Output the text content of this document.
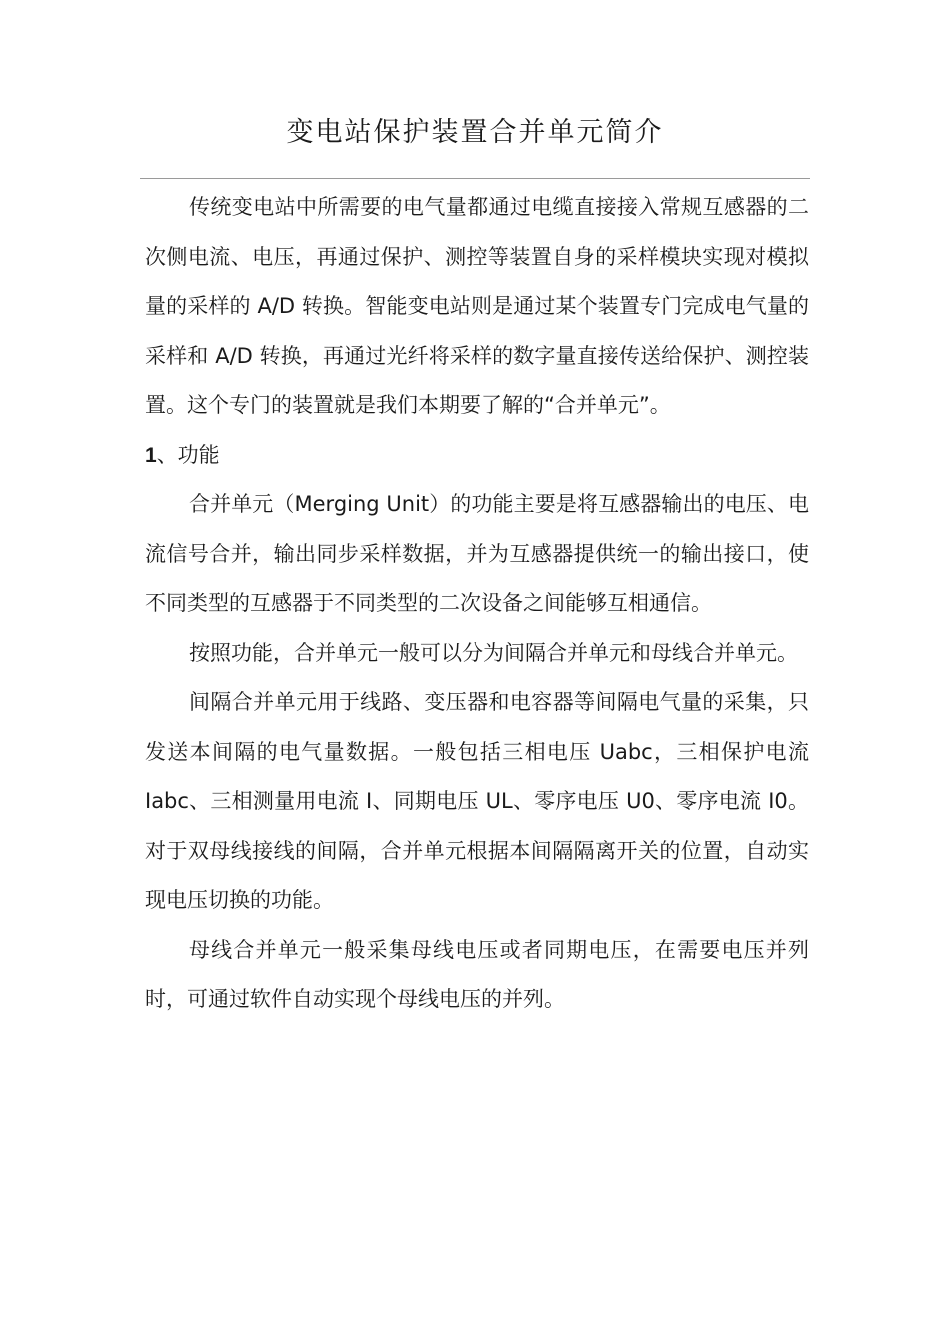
变电站保护装置合并单元简介

传统变电站中所需要的电气量都通过电缆直接接入常规互感器的二次侧电流、电压，再通过保护、测控等装置自身的采样模块实现对模拟量的采样的 A/D 转换。智能变电站则是通过某个装置专门完成电气量的采样和 A/D 转换，再通过光纤将采样的数字量直接传送给保护、测控装置。这个专门的装置就是我们本期要了解的“合并单元”。

1、功能

合并单元（Merging Unit）的功能主要是将互感器输出的电压、电流信号合并，输出同步采样数据，并为互感器提供统一的输出接口，使不同类型的互感器于不同类型的二次设备之间能够互相通信。

按照功能，合并单元一般可以分为间隔合并单元和母线合并单元。

间隔合并单元用于线路、变压器和电容器等间隔电气量的采集，只发送本间隔的电气量数据。一般包括三相电压 Uabc，三相保护电流 Iabc、三相测量用电流 I、同期电压 UL、零序电压 U0、零序电流 I0。对于双母线接线的间隔，合并单元根据本间隔隔离开关的位置，自动实现电压切换的功能。

母线合并单元一般采集母线电压或者同期电压，在需要电压并列时，可通过软件自动实现个母线电压的并列。
